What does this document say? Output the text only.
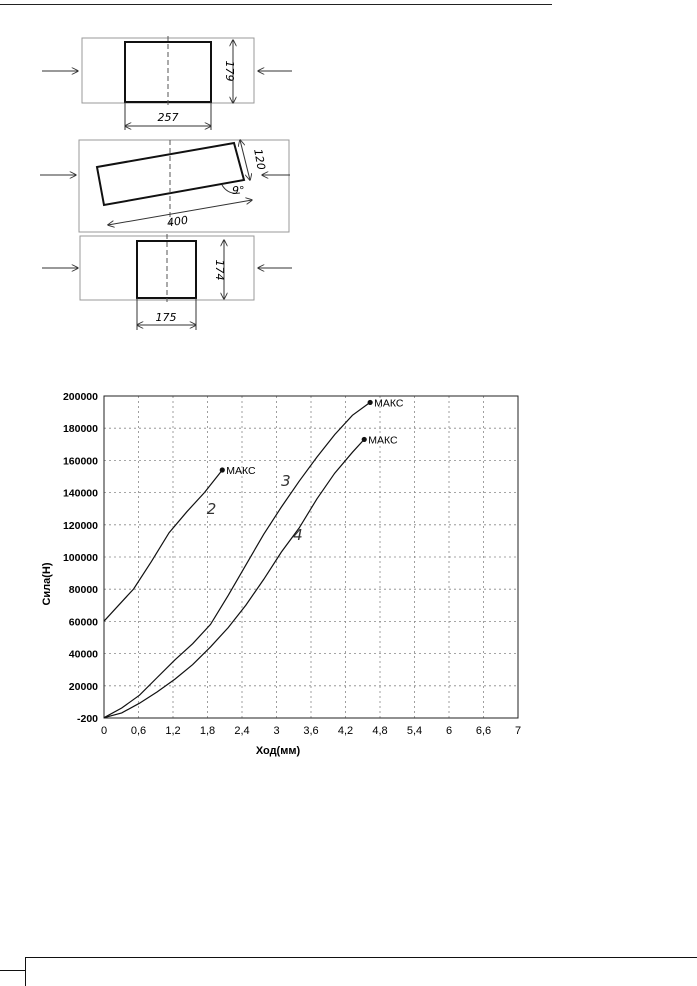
179
257
120
400
9°
174
175
-200
20000
40000
60000
80000
100000
120000
140000
160000
180000
200000
0 0,6 1,2 1,8 2,4 3 3,6 4,2 4,8 5,4 6 6,6 7
2
3
4
МАКС
МАКС
МАКС
Сила(Н)
Ход(мм)
